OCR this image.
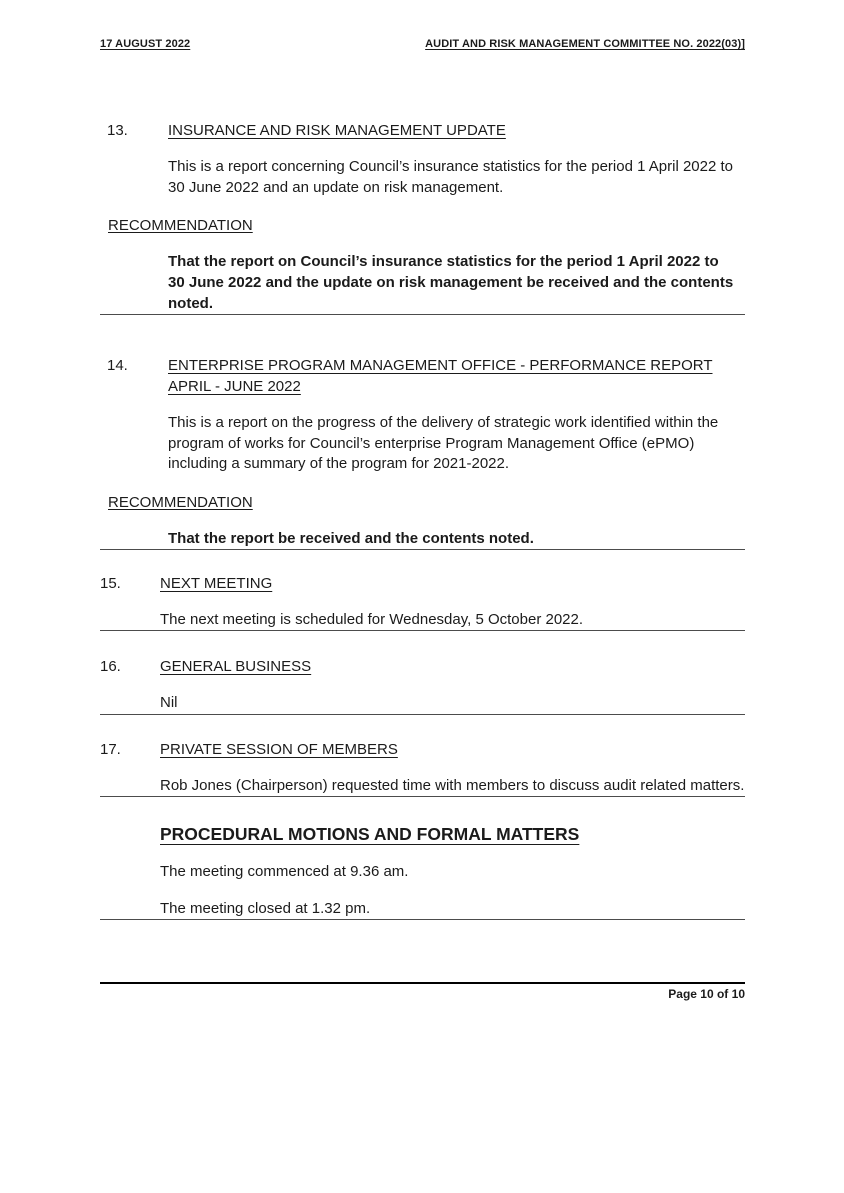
17 AUGUST 2022	AUDIT AND RISK MANAGEMENT COMMITTEE NO. 2022(03)]
13.	INSURANCE AND RISK MANAGEMENT UPDATE

This is a report concerning Council’s insurance statistics for the period 1 April 2022 to 30 June 2022 and an update on risk management.

RECOMMENDATION

That the report on Council’s insurance statistics for the period 1 April 2022 to 30 June 2022 and the update on risk management be received and the contents noted.

14.	ENTERPRISE PROGRAM MANAGEMENT OFFICE - PERFORMANCE REPORT APRIL - JUNE 2022

This is a report on the progress of the delivery of strategic work identified within the program of works for Council’s enterprise Program Management Office (ePMO) including a summary of the program for 2021-2022.

RECOMMENDATION

That the report be received and the contents noted.

15.	NEXT MEETING

The next meeting is scheduled for Wednesday, 5 October 2022.

16.	GENERAL BUSINESS

Nil

17.	PRIVATE SESSION OF MEMBERS

Rob Jones (Chairperson) requested time with members to discuss audit related matters.

PROCEDURAL MOTIONS AND FORMAL MATTERS

The meeting commenced at 9.36 am.

The meeting closed at 1.32 pm.

Page 10 of 10
